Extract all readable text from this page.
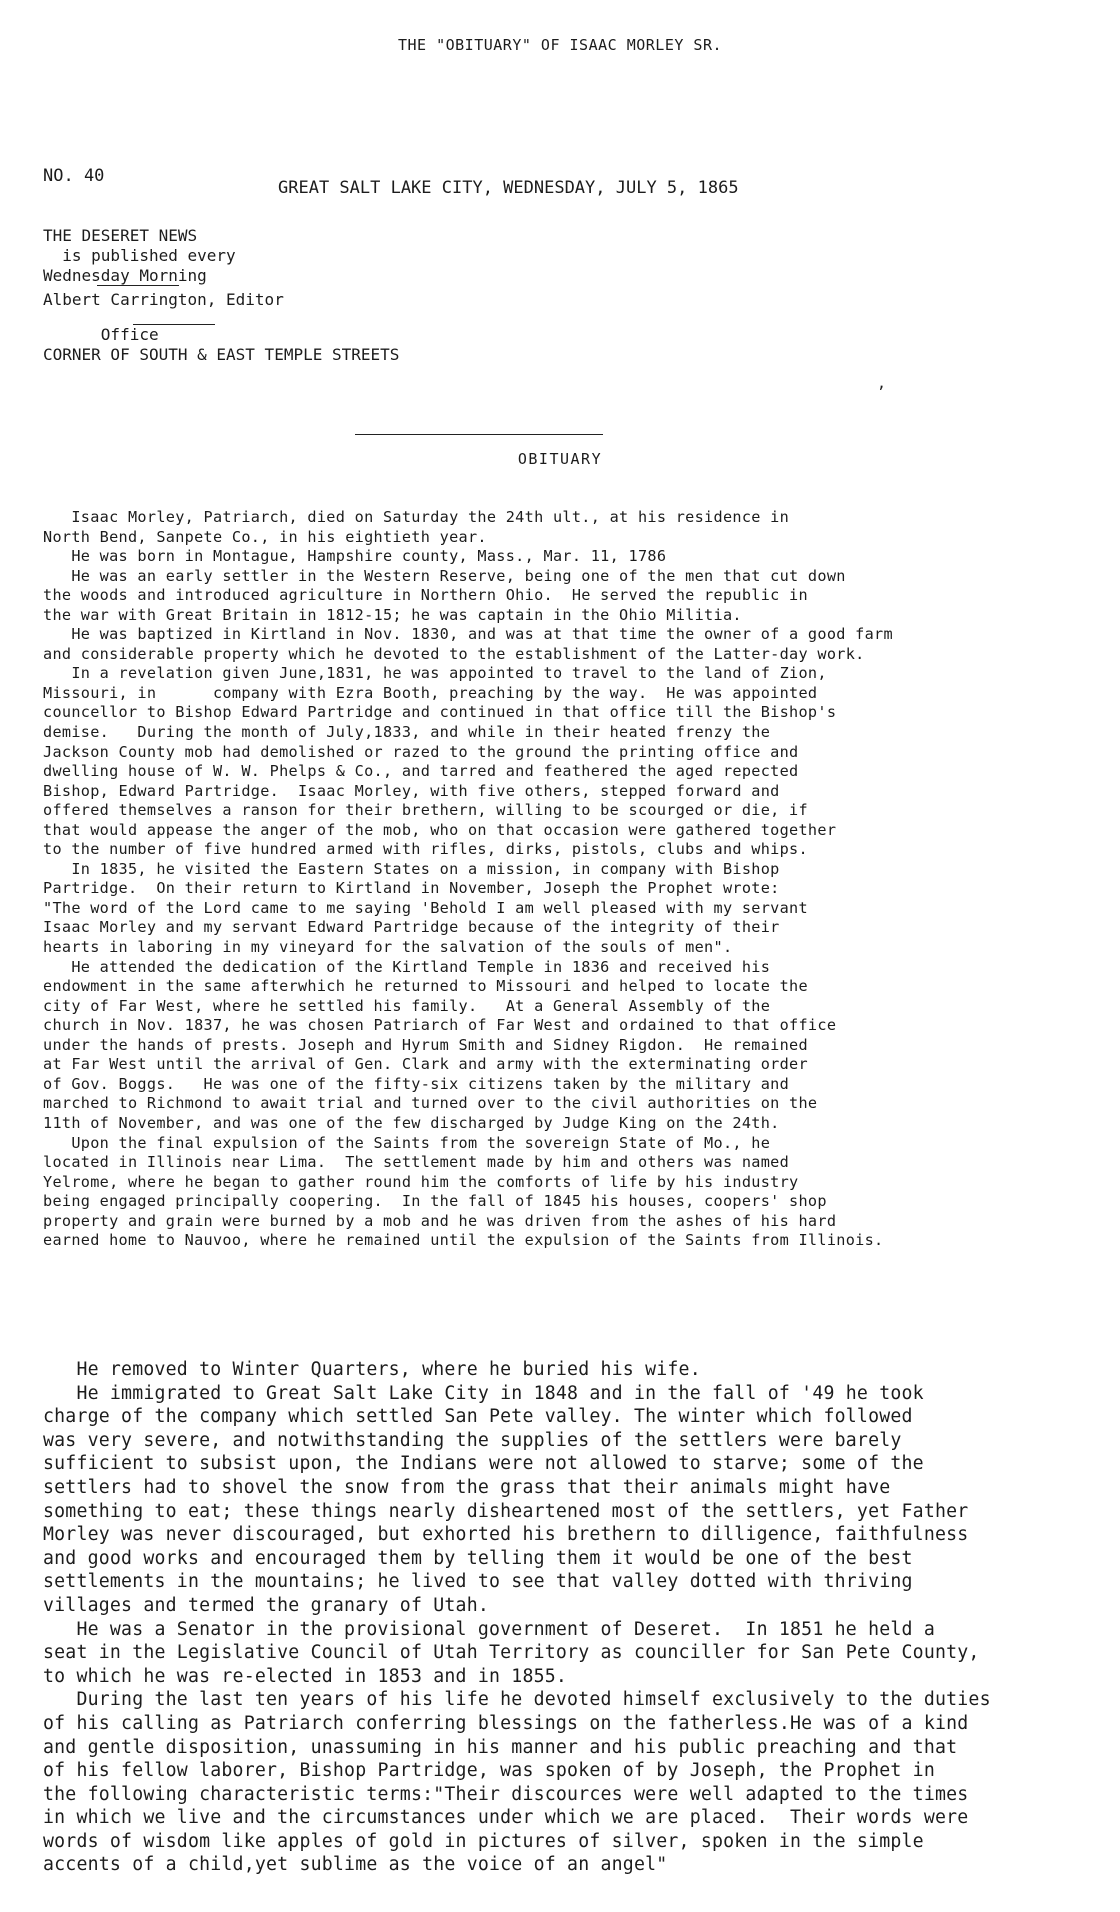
THE "OBITUARY" OF ISAAC MORLEY SR.
NO. 40
GREAT SALT LAKE CITY, WEDNESDAY, JULY 5, 1865
THE DESERET NEWS
is published every
Wednesday Morning
Albert Carrington, Editor
Office
CORNER OF SOUTH & EAST TEMPLE STREETS
,
OBITUARY
Isaac Morley, Patriarch, died on Saturday the 24th ult., at his residence in
North Bend, Sanpete Co., in his eightieth year.
He was born in Montague, Hampshire county, Mass., Mar. 11, 1786
He was an early settler in the Western Reserve, being one of the men that cut down
the woods and introduced agriculture in Northern Ohio.  He served the republic in
the war with Great Britain in 1812-15; he was captain in the Ohio Militia.
He was baptized in Kirtland in Nov. 1830, and was at that time the owner of a good farm
and considerable property which he devoted to the establishment of the Latter-day work.
In a revelation given June,1831, he was appointed to travel to the land of Zion,
Missouri, in      company with Ezra Booth, preaching by the way.  He was appointed
councellor to Bishop Edward Partridge and continued in that office till the Bishop's
demise.   During the month of July,1833, and while in their heated frenzy the
Jackson County mob had demolished or razed to the ground the printing office and
dwelling house of W. W. Phelps & Co., and tarred and feathered the aged repected
Bishop, Edward Partridge.  Isaac Morley, with five others, stepped forward and
offered themselves a ranson for their brethern, willing to be scourged or die, if
that would appease the anger of the mob, who on that occasion were gathered together
to the number of five hundred armed with rifles, dirks, pistols, clubs and whips.
In 1835, he visited the Eastern States on a mission, in company with Bishop
Partridge.  On their return to Kirtland in November, Joseph the Prophet wrote:
"The word of the Lord came to me saying 'Behold I am well pleased with my servant
Isaac Morley and my servant Edward Partridge because of the integrity of their
hearts in laboring in my vineyard for the salvation of the souls of men".
He attended the dedication of the Kirtland Temple in 1836 and received his
endowment in the same afterwhich he returned to Missouri and helped to locate the
city of Far West, where he settled his family.   At a General Assembly of the
church in Nov. 1837, he was chosen Patriarch of Far West and ordained to that office
under the hands of prests. Joseph and Hyrum Smith and Sidney Rigdon.  He remained
at Far West until the arrival of Gen. Clark and army with the exterminating order
of Gov. Boggs.   He was one of the fifty-six citizens taken by the military and
marched to Richmond to await trial and turned over to the civil authorities on the
11th of November, and was one of the few discharged by Judge King on the 24th.
Upon the final expulsion of the Saints from the sovereign State of Mo., he
located in Illinois near Lima.  The settlement made by him and others was named
Yelrome, where he began to gather round him the comforts of life by his industry
being engaged principally coopering.  In the fall of 1845 his houses, coopers' shop
property and grain were burned by a mob and he was driven from the ashes of his hard
earned home to Nauvoo, where he remained until the expulsion of the Saints from Illinois.
He removed to Winter Quarters, where he buried his wife.
He immigrated to Great Salt Lake City in 1848 and in the fall of '49 he took
charge of the company which settled San Pete valley. The winter which followed
was very severe, and notwithstanding the supplies of the settlers were barely
sufficient to subsist upon, the Indians were not allowed to starve; some of the
settlers had to shovel the snow from the grass that their animals might have
something to eat; these things nearly disheartened most of the settlers, yet Father
Morley was never discouraged, but exhorted his brethern to dilligence, faithfulness
and good works and encouraged them by telling them it would be one of the best
settlements in the mountains; he lived to see that valley dotted with thriving
villages and termed the granary of Utah.
He was a Senator in the provisional government of Deseret.  In 1851 he held a
seat in the Legislative Council of Utah Territory as counciller for San Pete County,
to which he was re-elected in 1853 and in 1855.
During the last ten years of his life he devoted himself exclusively to the duties
of his calling as Patriarch conferring blessings on the fatherless.He was of a kind
and gentle disposition, unassuming in his manner and his public preaching and that
of his fellow laborer, Bishop Partridge, was spoken of by Joseph, the Prophet in
the following characteristic terms:"Their discources were well adapted to the times
in which we live and the circumstances under which we are placed.  Their words were
words of wisdom like apples of gold in pictures of silver, spoken in the simple
accents of a child,yet sublime as the voice of an angel"
